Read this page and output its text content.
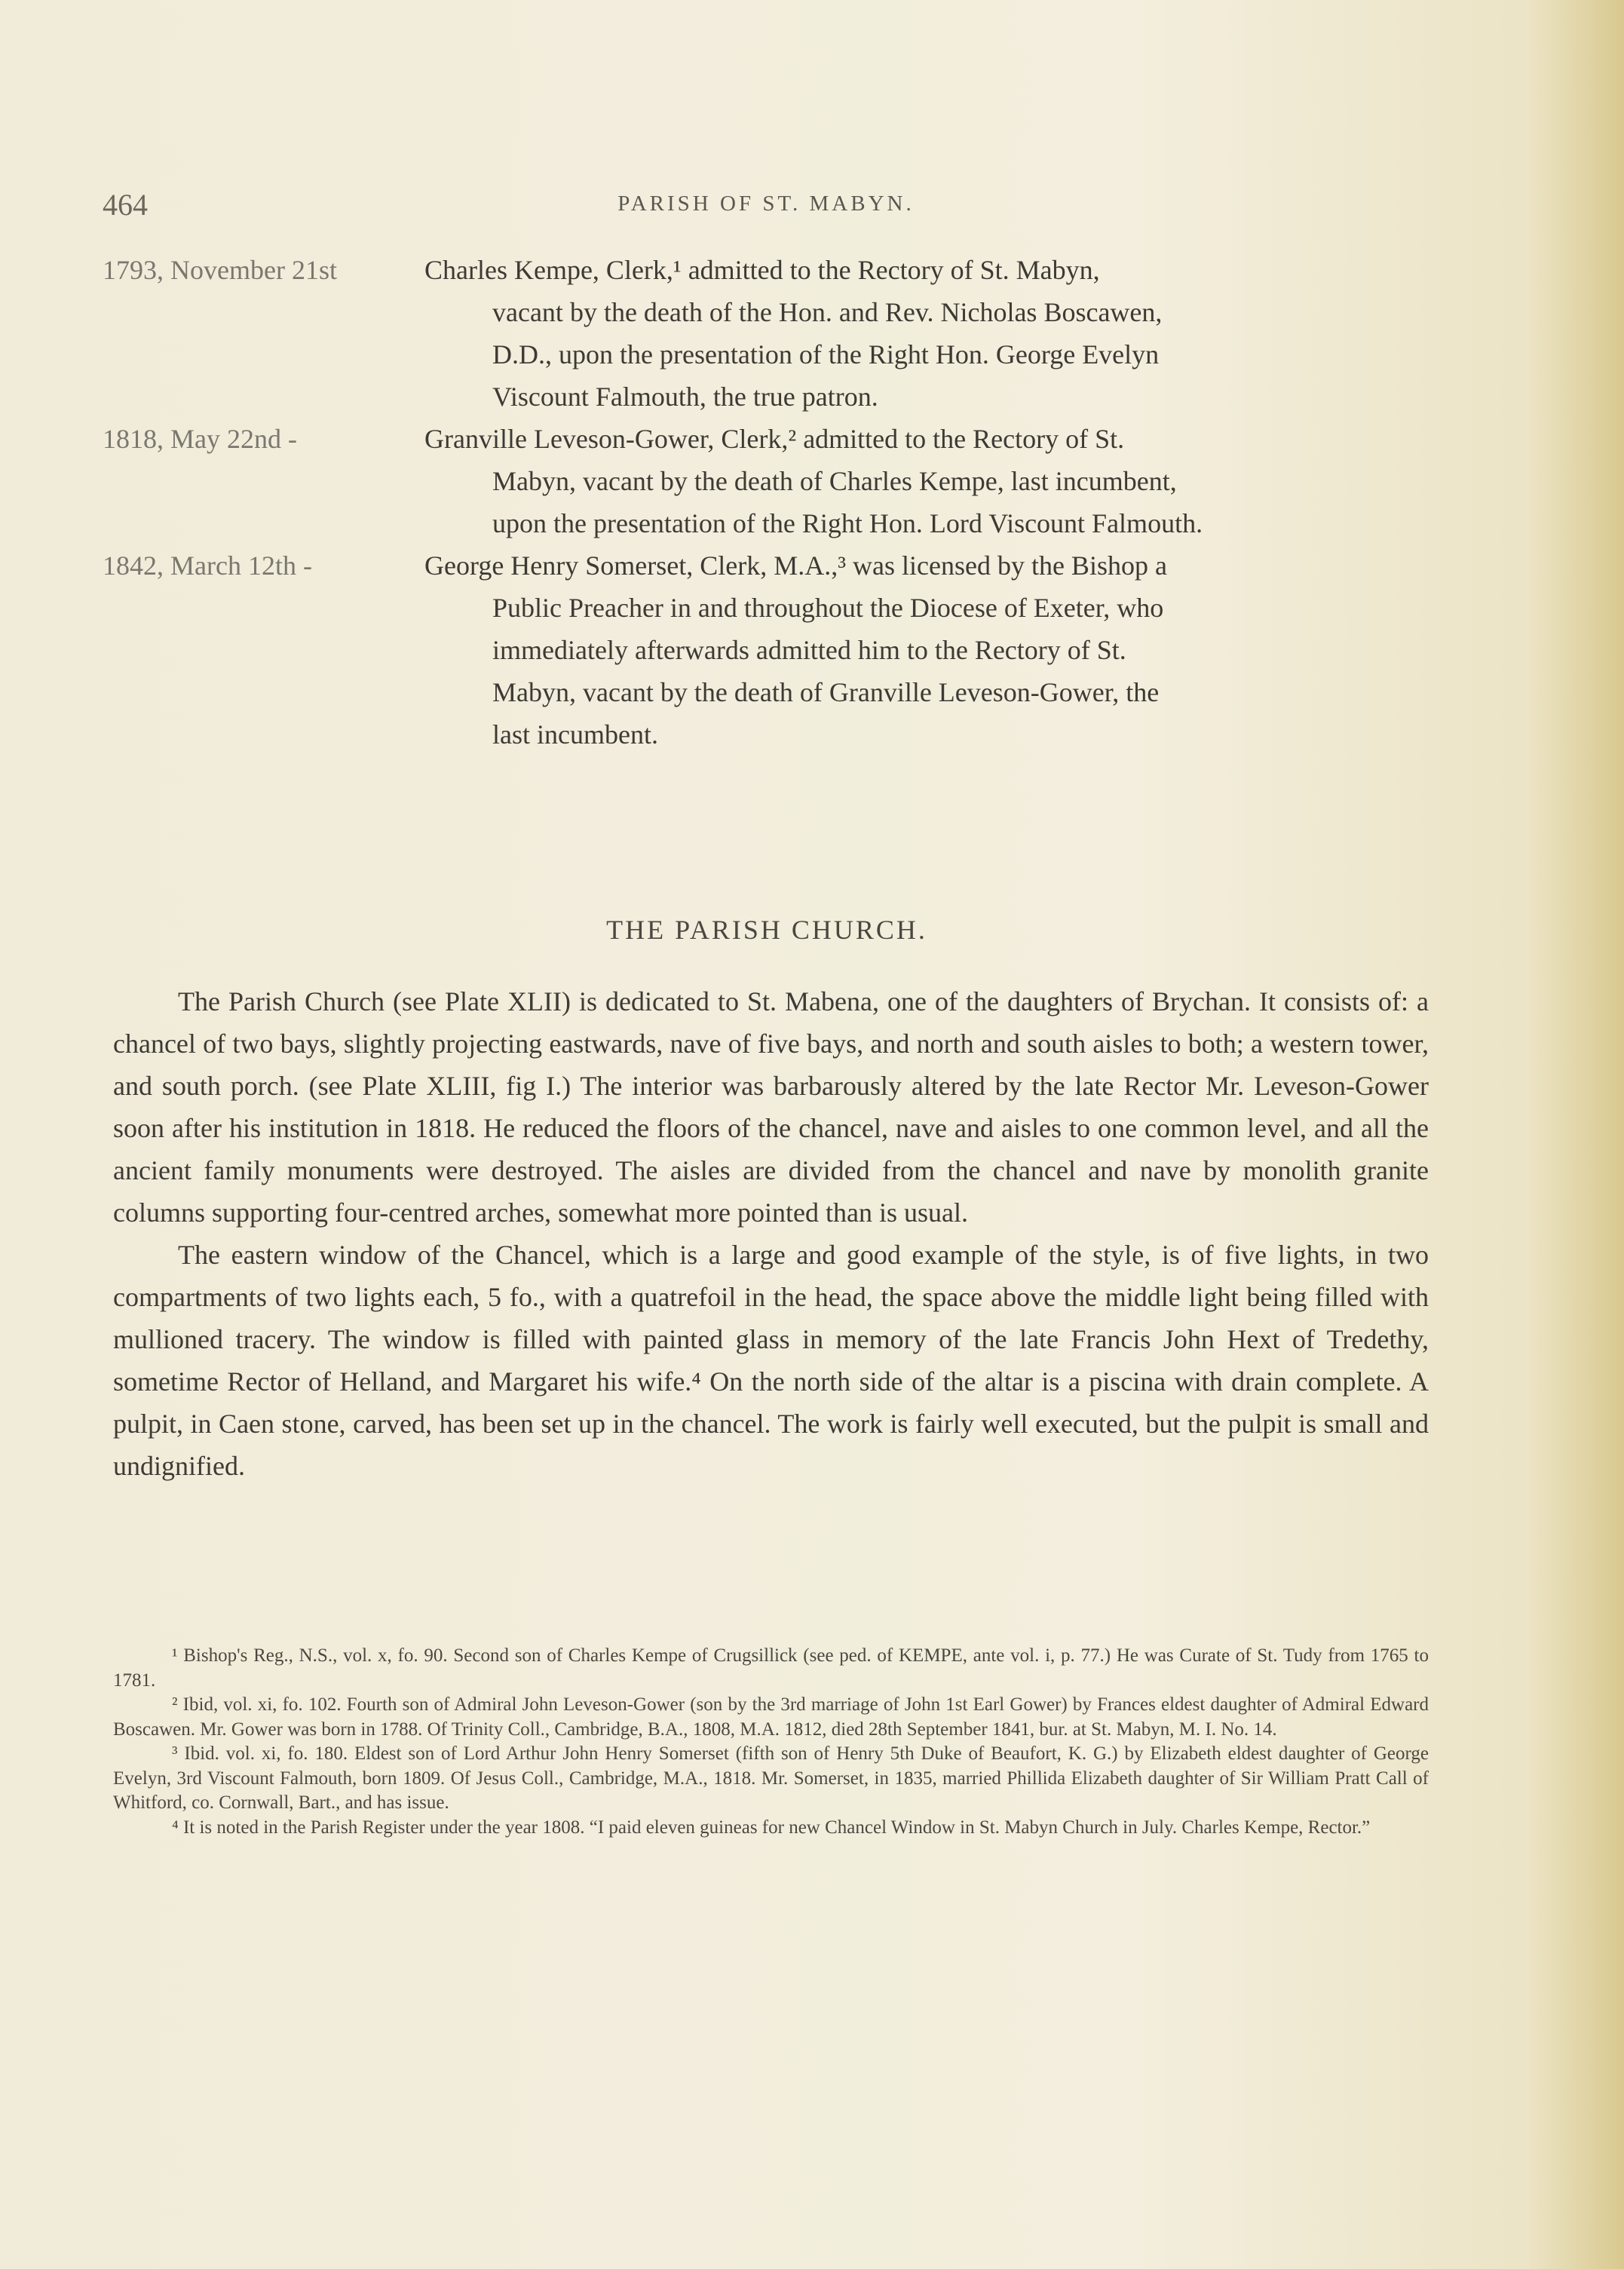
464	PARISH OF ST. MABYN.
1793, November 21st	Charles Kempe, Clerk,¹ admitted to the Rectory of St. Mabyn,
vacant by the death of the Hon. and Rev. Nicholas Boscawen,
D.D., upon the presentation of the Right Hon. George Evelyn
Viscount Falmouth, the true patron.
1818, May 22nd -	Granville Leveson-Gower, Clerk,² admitted to the Rectory of St.
Mabyn, vacant by the death of Charles Kempe, last incumbent,
upon the presentation of the Right Hon. Lord Viscount Falmouth.
1842, March 12th -	George Henry Somerset, Clerk, M.A.,³ was licensed by the Bishop a
Public Preacher in and throughout the Diocese of Exeter, who
immediately afterwards admitted him to the Rectory of St.
Mabyn, vacant by the death of Granville Leveson-Gower, the
last incumbent.
THE PARISH CHURCH.

The Parish Church (see Plate XLII) is dedicated to St. Mabena, one of the daughters of Brychan. It consists of: a chancel of two bays, slightly projecting eastwards, nave of five bays, and north and south aisles to both; a western tower, and south porch. (see Plate XLIII, fig I.) The interior was barbarously altered by the late Rector Mr. Leveson-Gower soon after his institution in 1818. He reduced the floors of the chancel, nave and aisles to one common level, and all the ancient family monuments were destroyed. The aisles are divided from the chancel and nave by monolith granite columns supporting four-centred arches, somewhat more pointed than is usual.

The eastern window of the Chancel, which is a large and good example of the style, is of five lights, in two compartments of two lights each, 5 fo., with a quatrefoil in the head, the space above the middle light being filled with mullioned tracery. The window is filled with painted glass in memory of the late Francis John Hext of Tredethy, sometime Rector of Helland, and Margaret his wife.⁴ On the north side of the altar is a piscina with drain complete. A pulpit, in Caen stone, carved, has been set up in the chancel. The work is fairly well executed, but the pulpit is small and undignified.

¹ Bishop's Reg., N.S., vol. x, fo. 90. Second son of Charles Kempe of Crugsillick (see ped. of KEMPE, ante vol. i, p. 77.) He was Curate of St. Tudy from 1765 to 1781.

² Ibid, vol. xi, fo. 102. Fourth son of Admiral John Leveson-Gower (son by the 3rd marriage of John 1st Earl Gower) by Frances eldest daughter of Admiral Edward Boscawen. Mr. Gower was born in 1788. Of Trinity Coll., Cambridge, B.A., 1808, M.A. 1812, died 28th September 1841, bur. at St. Mabyn, M. I. No. 14.

³ Ibid. vol. xi, fo. 180. Eldest son of Lord Arthur John Henry Somerset (fifth son of Henry 5th Duke of Beaufort, K. G.) by Elizabeth eldest daughter of George Evelyn, 3rd Viscount Falmouth, born 1809. Of Jesus Coll., Cambridge, M.A., 1818. Mr. Somerset, in 1835, married Phillida Elizabeth daughter of Sir William Pratt Call of Whitford, co. Cornwall, Bart., and has issue.

⁴ It is noted in the Parish Register under the year 1808. “I paid eleven guineas for new Chancel Window in St. Mabyn Church in July. Charles Kempe, Rector.”
